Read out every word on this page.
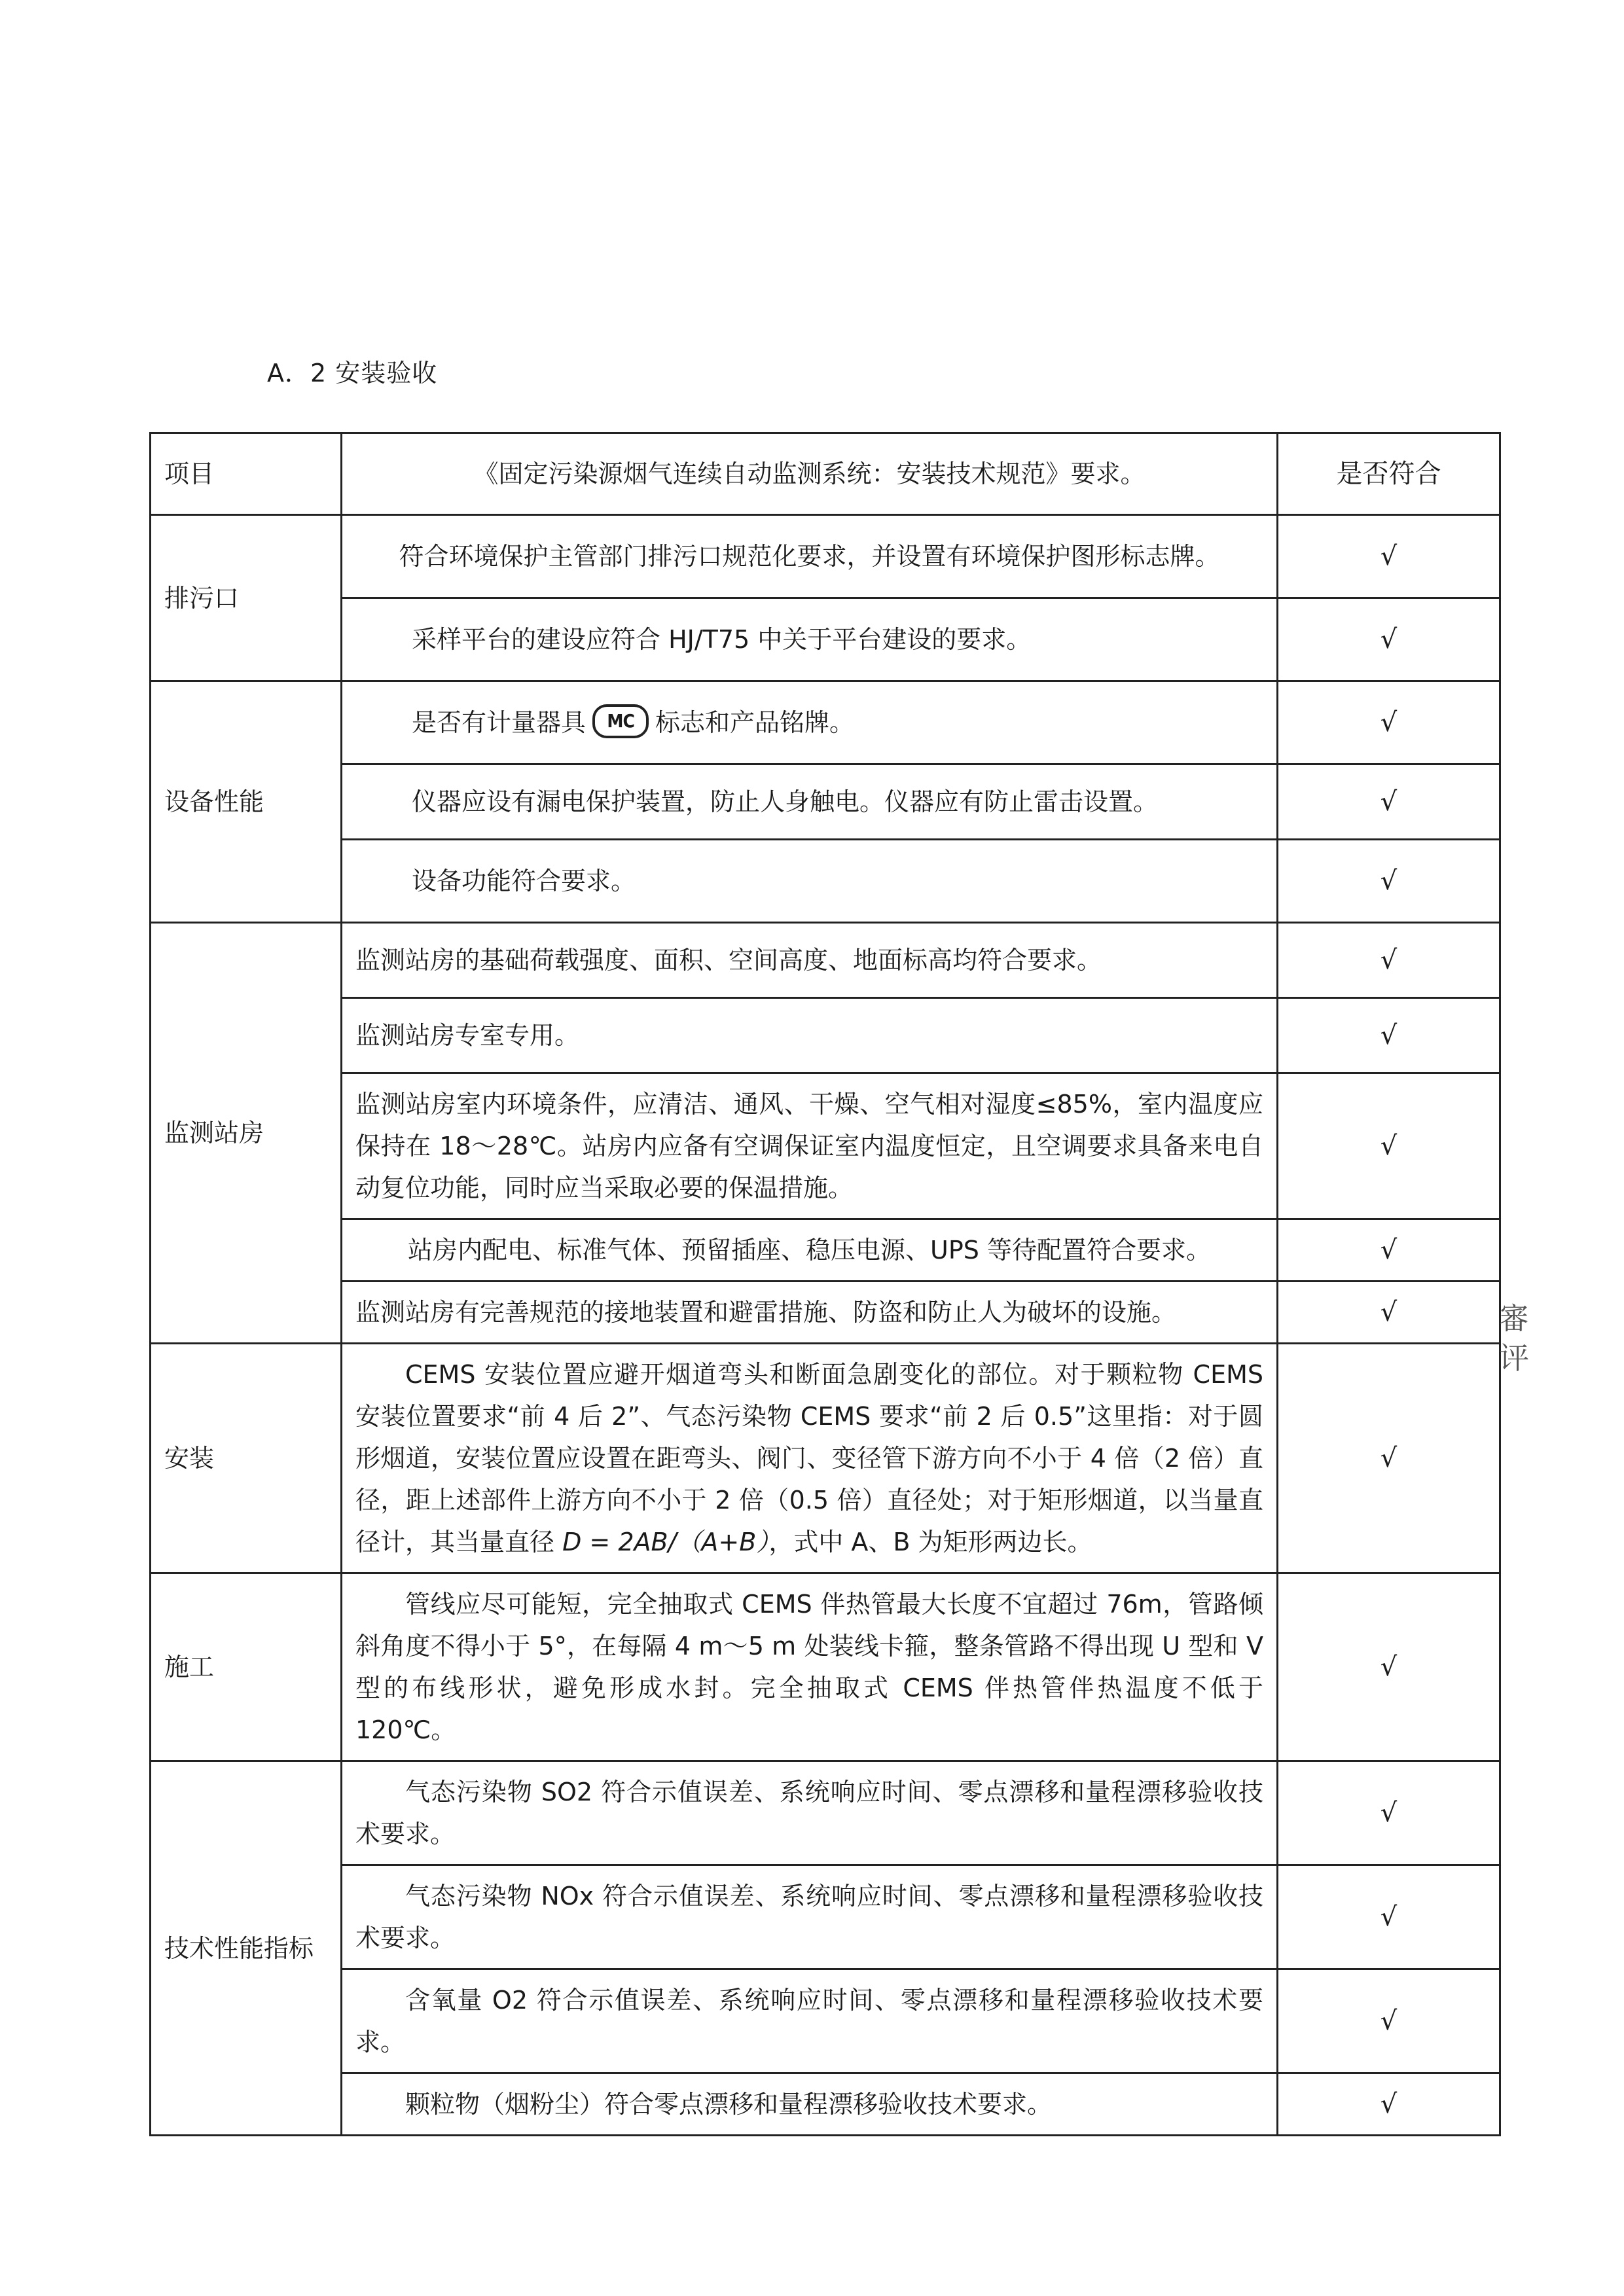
A．2 安装验收
项目	《固定污染源烟气连续自动监测系统：安装技术规范》要求。	是否符合
排污口	符合环境保护主管部门排污口规范化要求，并设置有环境保护图形标志牌。	√
	采样平台的建设应符合 HJ/T75 中关于平台建设的要求。	√
设备性能	是否有计量器具 MC 标志和产品铭牌。	√
	仪器应设有漏电保护装置，防止人身触电。仪器应有防止雷击设置。	√
	设备功能符合要求。	√
监测站房	监测站房的基础荷载强度、面积、空间高度、地面标高均符合要求。	√
	监测站房专室专用。	√
	监测站房室内环境条件，应清洁、通风、干燥、空气相对湿度≤85%，室内温度应保持在 18～28℃。站房内应备有空调保证室内温度恒定，且空调要求具备来电自动复位功能，同时应当采取必要的保温措施。	√
	站房内配电、标准气体、预留插座、稳压电源、UPS 等待配置符合要求。	√
	监测站房有完善规范的接地装置和避雷措施、防盗和防止人为破坏的设施。	√
安装	CEMS 安装位置应避开烟道弯头和断面急剧变化的部位。对于颗粒物 CEMS 安装位置要求“前 4 后 2”、气态污染物 CEMS 要求“前 2 后 0.5”这里指：对于圆形烟道，安装位置应设置在距弯头、阀门、变径管下游方向不小于 4 倍（2 倍）直径，距上述部件上游方向不小于 2 倍（0.5 倍）直径处；对于矩形烟道，以当量直径计，其当量直径 D = 2AB/（A+B），式中 A、B 为矩形两边长。	√
施工	管线应尽可能短，完全抽取式 CEMS 伴热管最大长度不宜超过 76m，管路倾斜角度不得小于 5°，在每隔 4 m～5 m 处装线卡箍，整条管路不得出现 U 型和 V 型的布线形状，避免形成水封。完全抽取式 CEMS 伴热管伴热温度不低于 120℃。	√
技术性能指标	气态污染物 SO2 符合示值误差、系统响应时间、零点漂移和量程漂移验收技术要求。	√
	气态污染物 NOx 符合示值误差、系统响应时间、零点漂移和量程漂移验收技术要求。	√
	含氧量 O2 符合示值误差、系统响应时间、零点漂移和量程漂移验收技术要求。	√
	颗粒物（烟粉尘）符合零点漂移和量程漂移验收技术要求。	√
審 评
